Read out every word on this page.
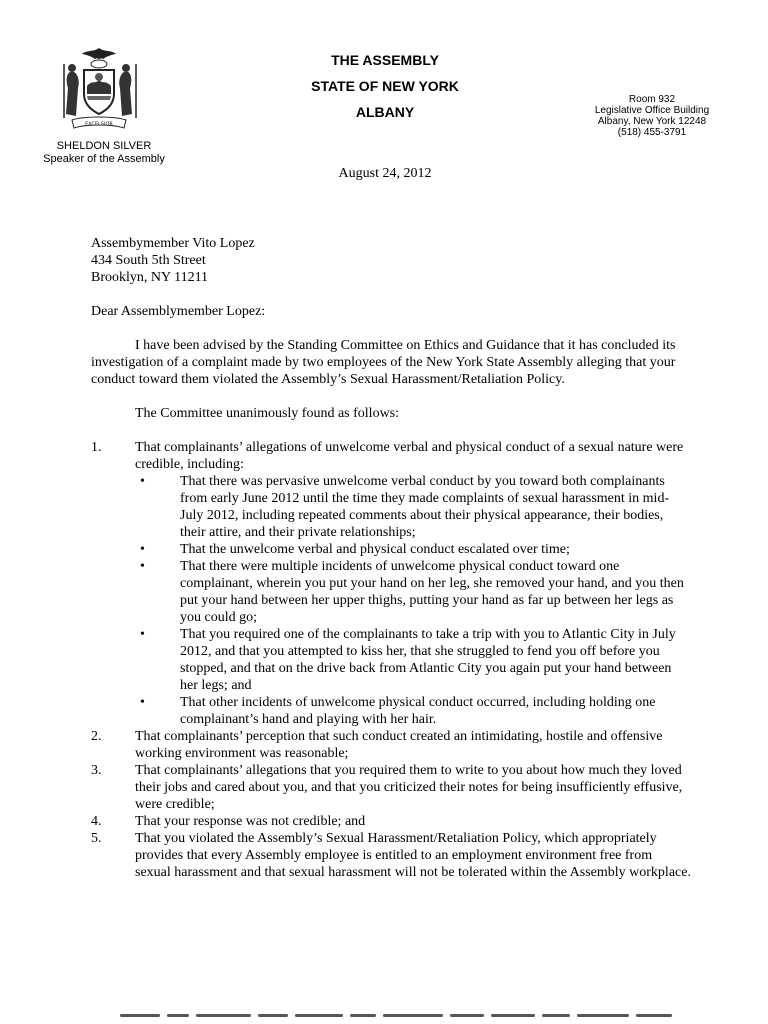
EXCELSIOR
SHELDON SILVER
Speaker of the Assembly
THE ASSEMBLY
STATE OF NEW YORK
ALBANY
Room 932
Legislative Office Building
Albany, New York 12248
(518) 455-3791
August 24, 2012
Assembymember Vito Lopez
434 South 5th Street
Brooklyn, NY 11211

Dear Assemblymember Lopez:

I have been advised by the Standing Committee on Ethics and Guidance that it has concluded its investigation of a complaint made by two employees of the New York State Assembly alleging that your conduct toward them violated the Assembly’s Sexual Harassment/Retaliation Policy.

The Committee unanimously found as follows:

1.	That complainants’ allegations of unwelcome verbal and physical conduct of a sexual nature were credible, including:
•	That there was pervasive unwelcome verbal conduct by you toward both complainants from early June 2012 until the time they made complaints of sexual harassment in mid-July 2012, including repeated comments about their physical appearance, their bodies, their attire, and their private relationships;
•	That the unwelcome verbal and physical conduct escalated over time;
•	That there were multiple incidents of unwelcome physical conduct toward one complainant, wherein you put your hand on her leg, she removed your hand, and you then put your hand between her upper thighs, putting your hand as far up between her legs as you could go;
•	That you required one of the complainants to take a trip with you to Atlantic City in July 2012, and that you attempted to kiss her, that she struggled to fend you off before you stopped, and that on the drive back from Atlantic City you again put your hand between her legs; and
•	That other incidents of unwelcome physical conduct occurred, including holding one complainant’s hand and playing with her hair.
2.	That complainants’ perception that such conduct created an intimidating, hostile and offensive working environment was reasonable;
3.	That complainants’ allegations that you required them to write to you about how much they loved their jobs and cared about you, and that you criticized their notes for being insufficiently effusive, were credible;
4.	That your response was not credible; and
5.	That you violated the Assembly’s Sexual Harassment/Retaliation Policy, which appropriately provides that every Assembly employee is entitled to an employment environment free from sexual harassment and that sexual harassment will not be tolerated within the Assembly workplace.
